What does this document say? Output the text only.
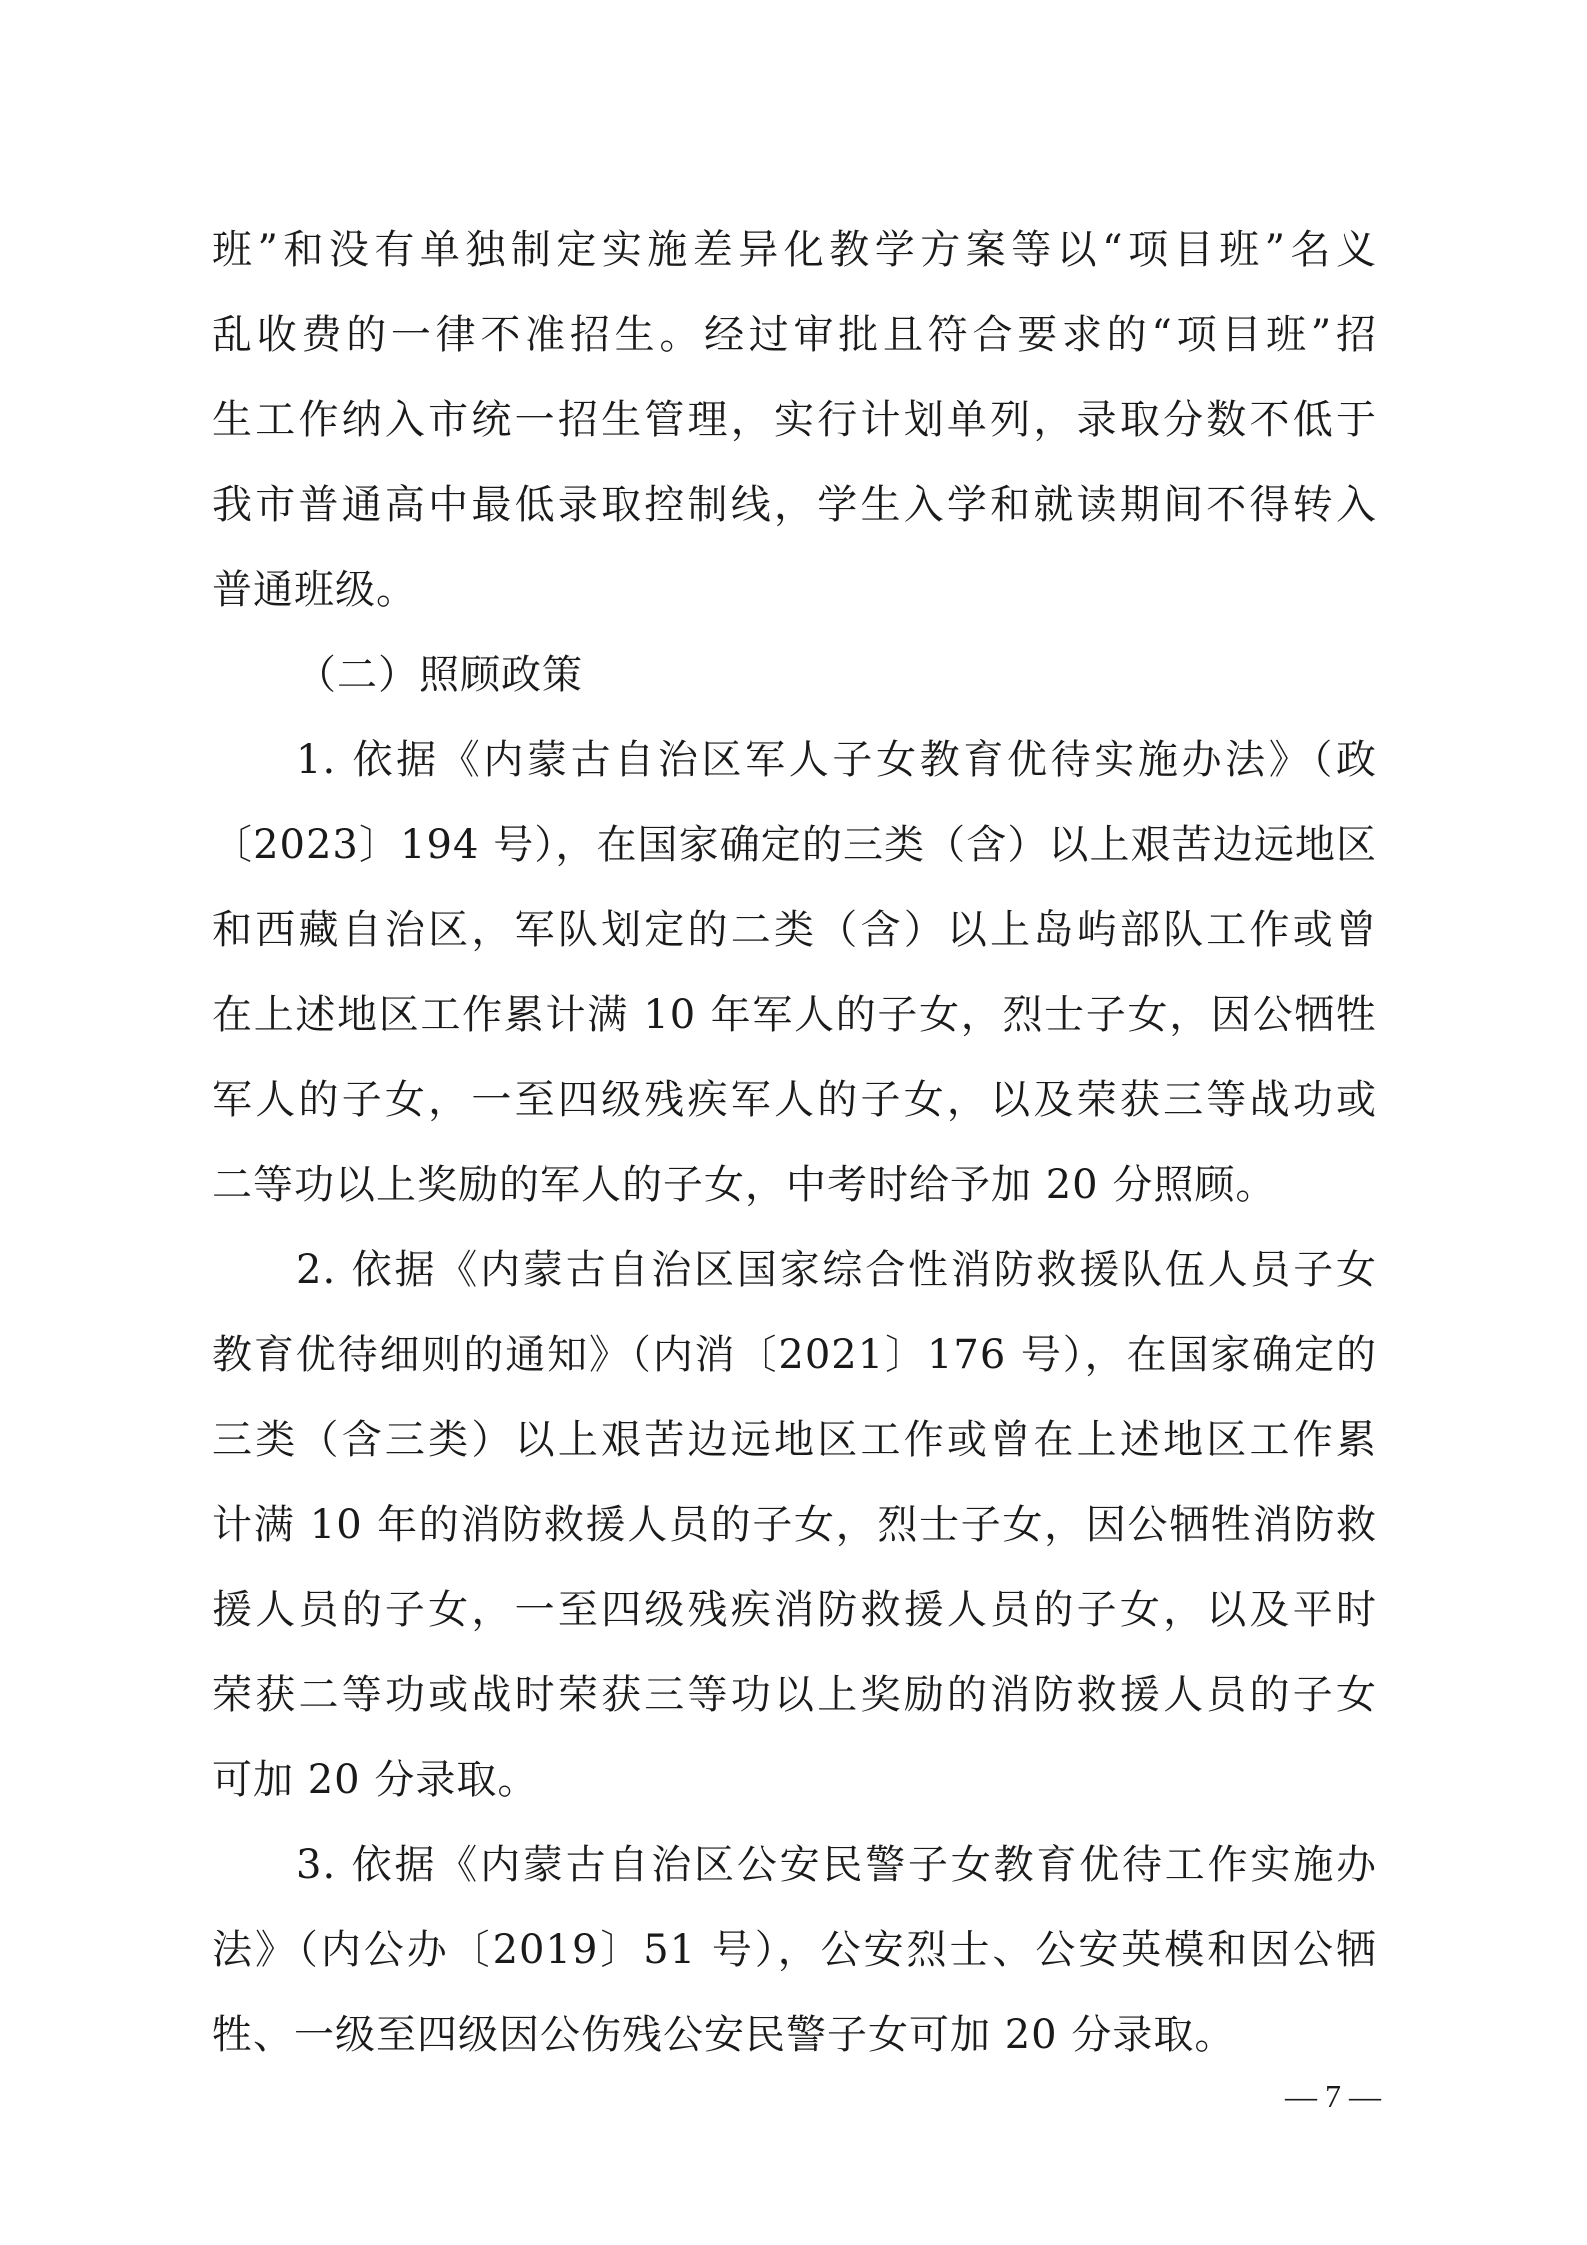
班”和没有单独制定实施差异化教学方案等以“项目班”名义
乱收费的一律不准招生。经过审批且符合要求的“项目班”招
生工作纳入市统一招生管理，实行计划单列，录取分数不低于
我市普通高中最低录取控制线，学生入学和就读期间不得转入
普通班级。
（二）照顾政策
1. 依据《内蒙古自治区军人子女教育优待实施办法》（政
〔2023〕194 号），在国家确定的三类（含）以上艰苦边远地区
和西藏自治区，军队划定的二类（含）以上岛屿部队工作或曾
在上述地区工作累计满 10 年军人的子女，烈士子女，因公牺牲
军人的子女，一至四级残疾军人的子女，以及荣获三等战功或
二等功以上奖励的军人的子女，中考时给予加 20 分照顾。
2. 依据《内蒙古自治区国家综合性消防救援队伍人员子女
教育优待细则的通知》（内消〔2021〕176 号），在国家确定的
三类（含三类）以上艰苦边远地区工作或曾在上述地区工作累
计满 10 年的消防救援人员的子女，烈士子女，因公牺牲消防救
援人员的子女，一至四级残疾消防救援人员的子女，以及平时
荣获二等功或战时荣获三等功以上奖励的消防救援人员的子女
可加 20 分录取。
3. 依据《内蒙古自治区公安民警子女教育优待工作实施办
法》（内公办〔2019〕51 号），公安烈士、公安英模和因公牺
牲、一级至四级因公伤残公安民警子女可加 20 分录取。
— 7 —
